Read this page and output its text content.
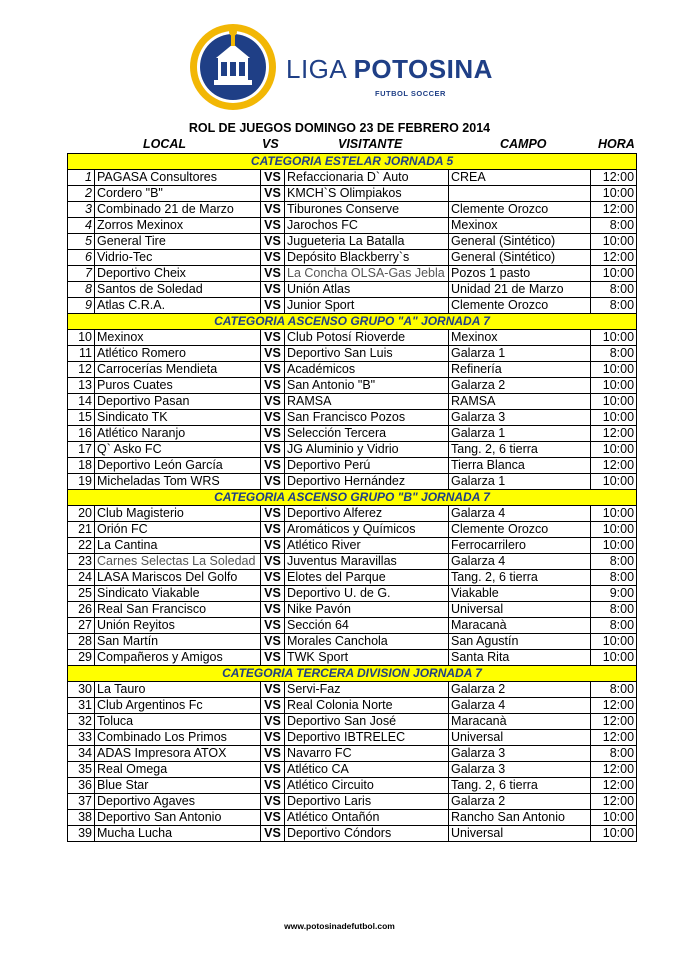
LIGA POTOSINA
FUTBOL SOCCER
ROL DE JUEGOS DOMINGO 23 DE FEBRERO 2014
LOCAL	VS	VISITANTE	CAMPO	HORA
CATEGORIA ESTELAR JORNADA 5					
1	PAGASA Consultores	VS	Refaccionaria D` Auto	CREA	12:00
2	Cordero "B"	VS	KMCH`S Olimpiakos		10:00
3	Combinado 21 de Marzo	VS	Tiburones Conserve	Clemente Orozco	12:00
4	Zorros Mexinox	VS	Jarochos FC	Mexinox	8:00
5	General Tire	VS	Jugueteria La Batalla	General (Sintético)	10:00
6	Vidrio-Tec	VS	Depósito Blackberry`s	General (Sintético)	12:00
7	Deportivo Cheix	VS	La Concha OLSA-Gas Jebla	Pozos 1 pasto	10:00
8	Santos de Soledad	VS	Unión Atlas	Unidad 21 de Marzo	8:00
9	Atlas C.R.A.	VS	Junior Sport	Clemente Orozco	8:00
CATEGORIA ASCENSO GRUPO "A" JORNADA 7					
10	Mexinox	VS	Club Potosí Rioverde	Mexinox	10:00
11	Atlético Romero	VS	Deportivo San Luis	Galarza 1	8:00
12	Carrocerías Mendieta	VS	Académicos	Refinería	10:00
13	Puros Cuates	VS	San Antonio "B"	Galarza 2	10:00
14	Deportivo Pasan	VS	RAMSA	RAMSA	10:00
15	Sindicato TK	VS	San Francisco Pozos	Galarza 3	10:00
16	Atlético Naranjo	VS	Selección Tercera	Galarza 1	12:00
17	Q` Asko FC	VS	JG Aluminio y Vidrio	Tang. 2, 6 tierra	10:00
18	Deportivo León García	VS	Deportivo Perú	Tierra Blanca	12:00
19	Micheladas Tom WRS	VS	Deportivo Hernández	Galarza 1	10:00
CATEGORIA ASCENSO GRUPO "B" JORNADA 7					
20	Club Magisterio	VS	Deportivo Alferez	Galarza 4	10:00
21	Orión FC	VS	Aromáticos y Químicos	Clemente Orozco	10:00
22	La Cantina	VS	Atlético River	Ferrocarrilero	10:00
23	Carnes Selectas La Soledad	VS	Juventus Maravillas	Galarza 4	8:00
24	LASA Mariscos Del Golfo	VS	Elotes del Parque	Tang. 2, 6 tierra	8:00
25	Sindicato Viakable	VS	Deportivo U. de G.	Viakable	9:00
26	Real San Francisco	VS	Nike Pavón	Universal	8:00
27	Unión Reyitos	VS	Sección 64	Maracanà	8:00
28	San Martín	VS	Morales Canchola	San Agustín	10:00
29	Compañeros y Amigos	VS	TWK Sport	Santa Rita	10:00
CATEGORIA TERCERA DIVISION JORNADA 7					
30	La Tauro	VS	Servi-Faz	Galarza 2	8:00
31	Club Argentinos Fc	VS	Real Colonia Norte	Galarza 4	12:00
32	Toluca	VS	Deportivo San José	Maracanà	12:00
33	Combinado Los Primos	VS	Deportivo IBTRELEC	Universal	12:00
34	ADAS Impresora ATOX	VS	Navarro FC	Galarza 3	8:00
35	Real Omega	VS	Atlético CA	Galarza 3	12:00
36	Blue Star	VS	Atlético Circuito	Tang. 2, 6 tierra	12:00
37	Deportivo Agaves	VS	Deportivo Laris	Galarza 2	12:00
38	Deportivo San Antonio	VS	Atlético Ontañón	Rancho San Antonio	10:00
39	Mucha Lucha	VS	Deportivo Cóndors	Universal	10:00
www.potosinadefutbol.com
